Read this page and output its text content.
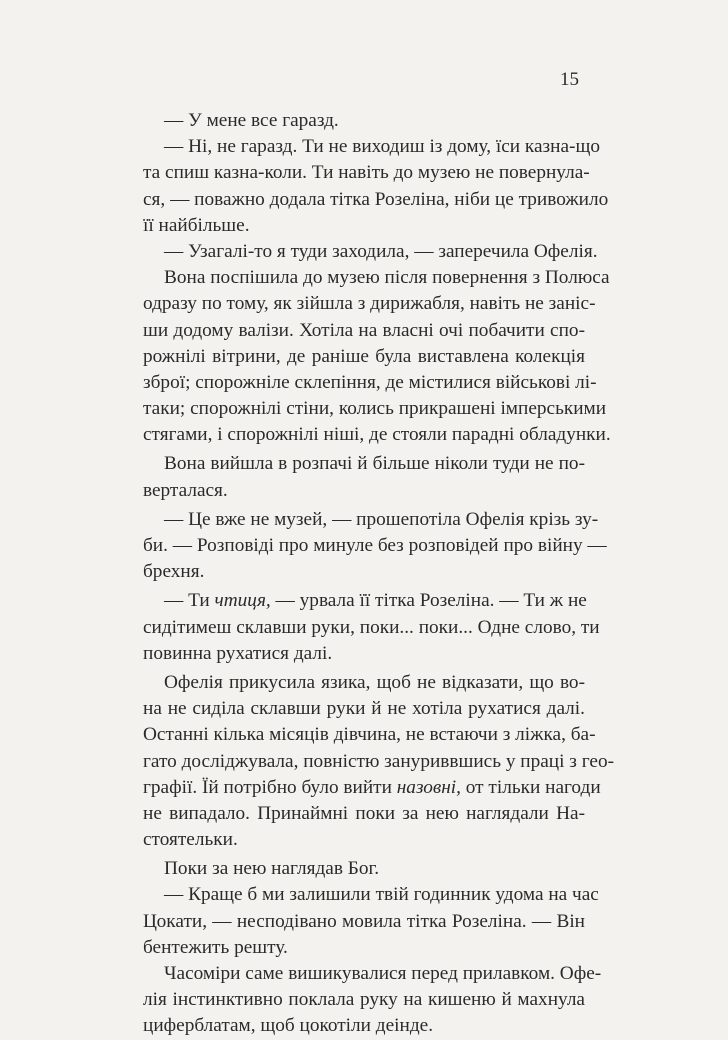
15
— У мене все гаразд.
— Ні, не гаразд. Ти не виходиш із дому, їси казна-що
та спиш казна-коли. Ти навіть до музею не повернула-
ся, — поважно додала тітка Розеліна, ніби це тривожило
її найбільше.
— Узагалі-то я туди заходила, — заперечила Офелія.
Вона поспішила до музею після повернення з Полюса
одразу по тому, як зійшла з дирижабля, навіть не заніс-
ши додому валізи. Хотіла на власні очі побачити спо-
рожнілі вітрини, де раніше була виставлена колекція
зброї; спорожніле склепіння, де містилися військові лі-
таки; спорожнілі стіни, колись прикрашені імперськими
стягами, і спорожнілі ніші, де стояли парадні обладунки.
Вона вийшла в розпачі й більше ніколи туди не по-
верталася.
— Це вже не музей, — прошепотіла Офелія крізь зу-
би. — Розповіді про минуле без розповідей про війну —
брехня.
— Ти чтиця, — урвала її тітка Розеліна. — Ти ж не
сидітимеш склавши руки, поки... поки... Одне слово, ти
повинна рухатися далі.
Офелія прикусила язика, щоб не відказати, що во-
на не сиділа склавши руки й не хотіла рухатися далі.
Останні кілька місяців дівчина, не встаючи з ліжка, ба-
гато досліджувала, повністю зануриввшись у праці з гео-
графії. Їй потрібно було вийти назовні, от тільки нагоди
не випадало. Принаймні поки за нею наглядали На-
стоятельки.
Поки за нею наглядав Бог.
— Краще б ми залишили твій годинник удома на час
Цокати, — несподівано мовила тітка Розеліна. — Він
бентежить решту.
Часоміри саме вишикувалися перед прилавком. Офе-
лія інстинктивно поклала руку на кишеню й махнула
циферблатам, щоб цокотіли деінде.
